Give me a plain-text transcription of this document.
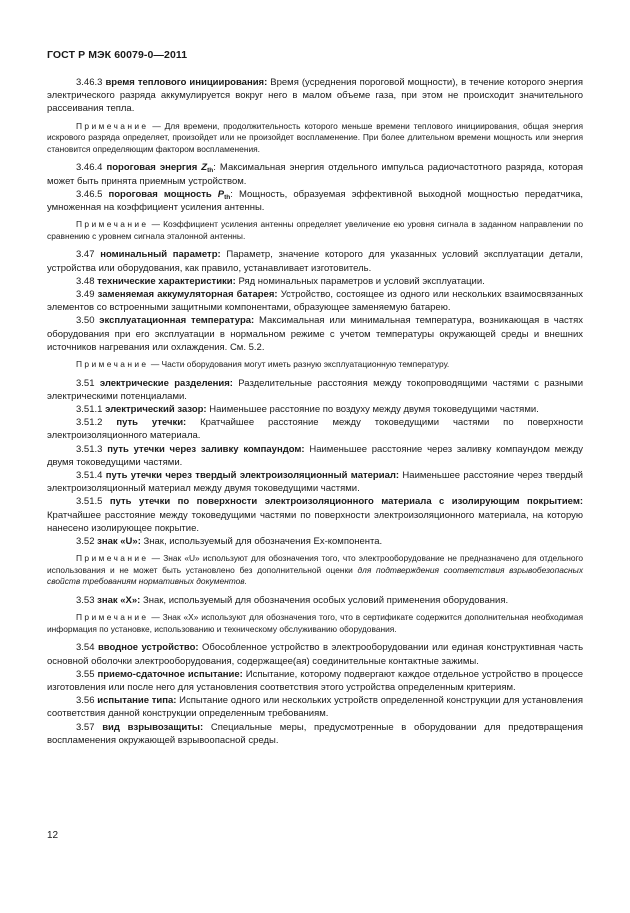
ГОСТ Р МЭК 60079-0—2011

3.46.3 время теплового инициирования: Время (усреднения пороговой мощности), в течение которого энергия электрического разряда аккумулируется вокруг него в малом объеме газа, при этом не происходит значительного рассеивания тепла.

Примечание — Для времени, продолжительность которого меньше времени теплового инициирования, общая энергия искрового разряда определяет, произойдет или не произойдет воспламенение. При более длительном времени мощность или энергия становится определяющим фактором воспламенения.

3.46.4 пороговая энергия $Z_{th}$: Максимальная энергия отдельного импульса радиочастотного разряда, которая может быть принята приемным устройством.

3.46.5 пороговая мощность $P_{th}$: Мощность, образуемая эффективной выходной мощностью передатчика, умноженная на коэффициент усиления антенны.

Примечание — Коэффициент усиления антенны определяет увеличение ею уровня сигнала в заданном направлении по сравнению с уровнем сигнала эталонной антенны.

3.47 номинальный параметр: Параметр, значение которого для указанных условий эксплуатации детали, устройства или оборудования, как правило, устанавливает изготовитель.

3.48 технические характеристики: Ряд номинальных параметров и условий эксплуатации.

3.49 заменяемая аккумуляторная батарея: Устройство, состоящее из одного или нескольких взаимосвязанных элементов со встроенными защитными компонентами, образующее заменяемую батарею.

3.50 эксплуатационная температура: Максимальная или минимальная температура, возникающая в частях оборудования при его эксплуатации в нормальном режиме с учетом температуры окружающей среды и внешних источников нагревания или охлаждения. См. 5.2.

Примечание — Части оборудования могут иметь разную эксплуатационную температуру.

3.51 электрические разделения: Разделительные расстояния между токопроводящими частями с разными электрическими потенциалами.

3.51.1 электрический зазор: Наименьшее расстояние по воздуху между двумя токоведущими частями.

3.51.2 путь утечки: Кратчайшее расстояние между токоведущими частями по поверхности электроизоляционного материала.

3.51.3 путь утечки через заливку компаундом: Наименьшее расстояние через заливку компаундом между двумя токоведущими частями.

3.51.4 путь утечки через твердый электроизоляционный материал: Наименьшее расстояние через твердый электроизоляционный материал между двумя токоведущими частями.

3.51.5 путь утечки по поверхности электроизоляционного материала с изолирующим покрытием: Кратчайшее расстояние между токоведущими частями по поверхности электроизоляционного материала, на которую нанесено изолирующее покрытие.

3.52 знак «U»: Знак, используемый для обозначения Ex-компонента.

Примечание — Знак «U» используют для обозначения того, что электрооборудование не предназначено для отдельного использования и не может быть установлено без дополнительной оценки для подтверждения соответствия взрывобезопасных свойств требованиям нормативных документов.

3.53 знак «X»: Знак, используемый для обозначения особых условий применения оборудования.

Примечание — Знак «X» используют для обозначения того, что в сертификате содержится дополнительная необходимая информация по установке, использованию и техническому обслуживанию оборудования.

3.54 вводное устройство: Обособленное устройство в электрооборудовании или единая конструктивная часть основной оболочки электрооборудования, содержащее(ая) соединительные контактные зажимы.

3.55 приемо-сдаточное испытание: Испытание, которому подвергают каждое отдельное устройство в процессе изготовления или после него для установления соответствия этого устройства определенным критериям.

3.56 испытание типа: Испытание одного или нескольких устройств определенной конструкции для установления соответствия данной конструкции определенным требованиям.

3.57 вид взрывозащиты: Специальные меры, предусмотренные в оборудовании для предотвращения воспламенения окружающей взрывоопасной среды.

12
